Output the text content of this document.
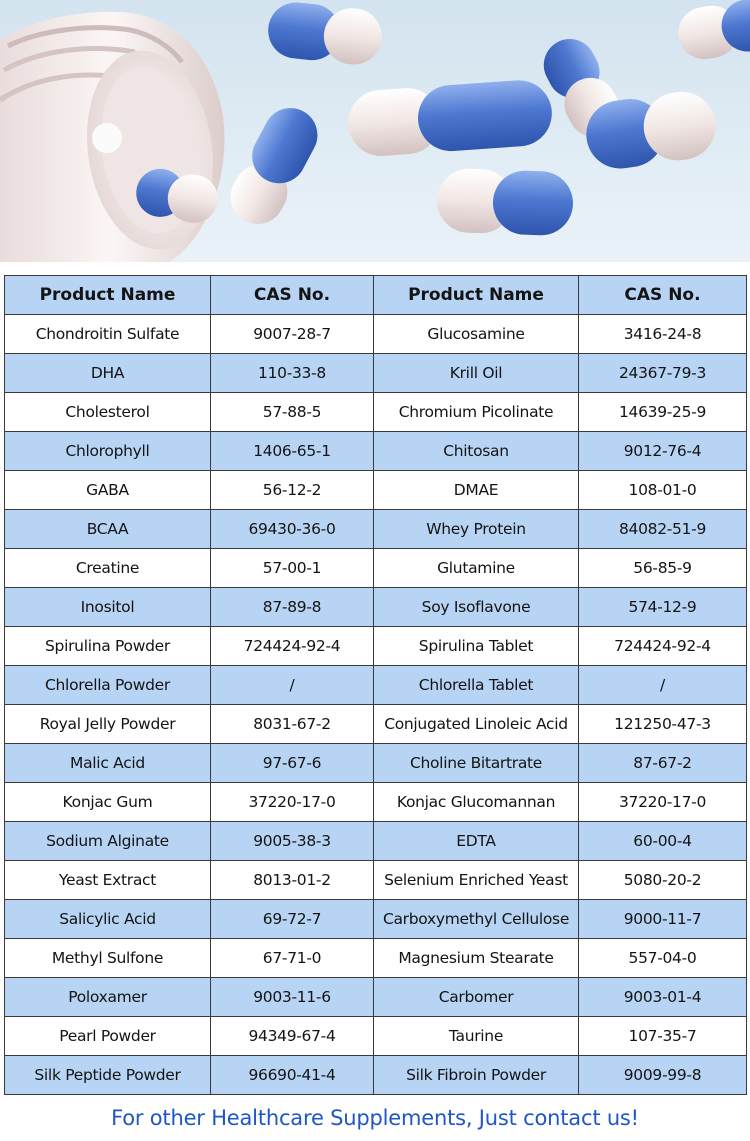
Product Name	CAS No.	Product Name	CAS No.
Chondroitin Sulfate	9007-28-7	Glucosamine	3416-24-8
DHA	110-33-8	Krill Oil	24367-79-3
Cholesterol	57-88-5	Chromium Picolinate	14639-25-9
Chlorophyll	1406-65-1	Chitosan	9012-76-4
GABA	56-12-2	DMAE	108-01-0
BCAA	69430-36-0	Whey Protein	84082-51-9
Creatine	57-00-1	Glutamine	56-85-9
Inositol	87-89-8	Soy Isoflavone	574-12-9
Spirulina Powder	724424-92-4	Spirulina Tablet	724424-92-4
Chlorella Powder	/	Chlorella Tablet	/
Royal Jelly Powder	8031-67-2	Conjugated Linoleic Acid	121250-47-3
Malic Acid	97-67-6	Choline Bitartrate	87-67-2
Konjac Gum	37220-17-0	Konjac Glucomannan	37220-17-0
Sodium Alginate	9005-38-3	EDTA	60-00-4
Yeast Extract	8013-01-2	Selenium Enriched Yeast	5080-20-2
Salicylic Acid	69-72-7	Carboxymethyl Cellulose	9000-11-7
Methyl Sulfone	67-71-0	Magnesium Stearate	557-04-0
Poloxamer	9003-11-6	Carbomer	9003-01-4
Pearl Powder	94349-67-4	Taurine	107-35-7
Silk Peptide Powder	96690-41-4	Silk Fibroin Powder	9009-99-8
For other Healthcare Supplements, Just contact us!
